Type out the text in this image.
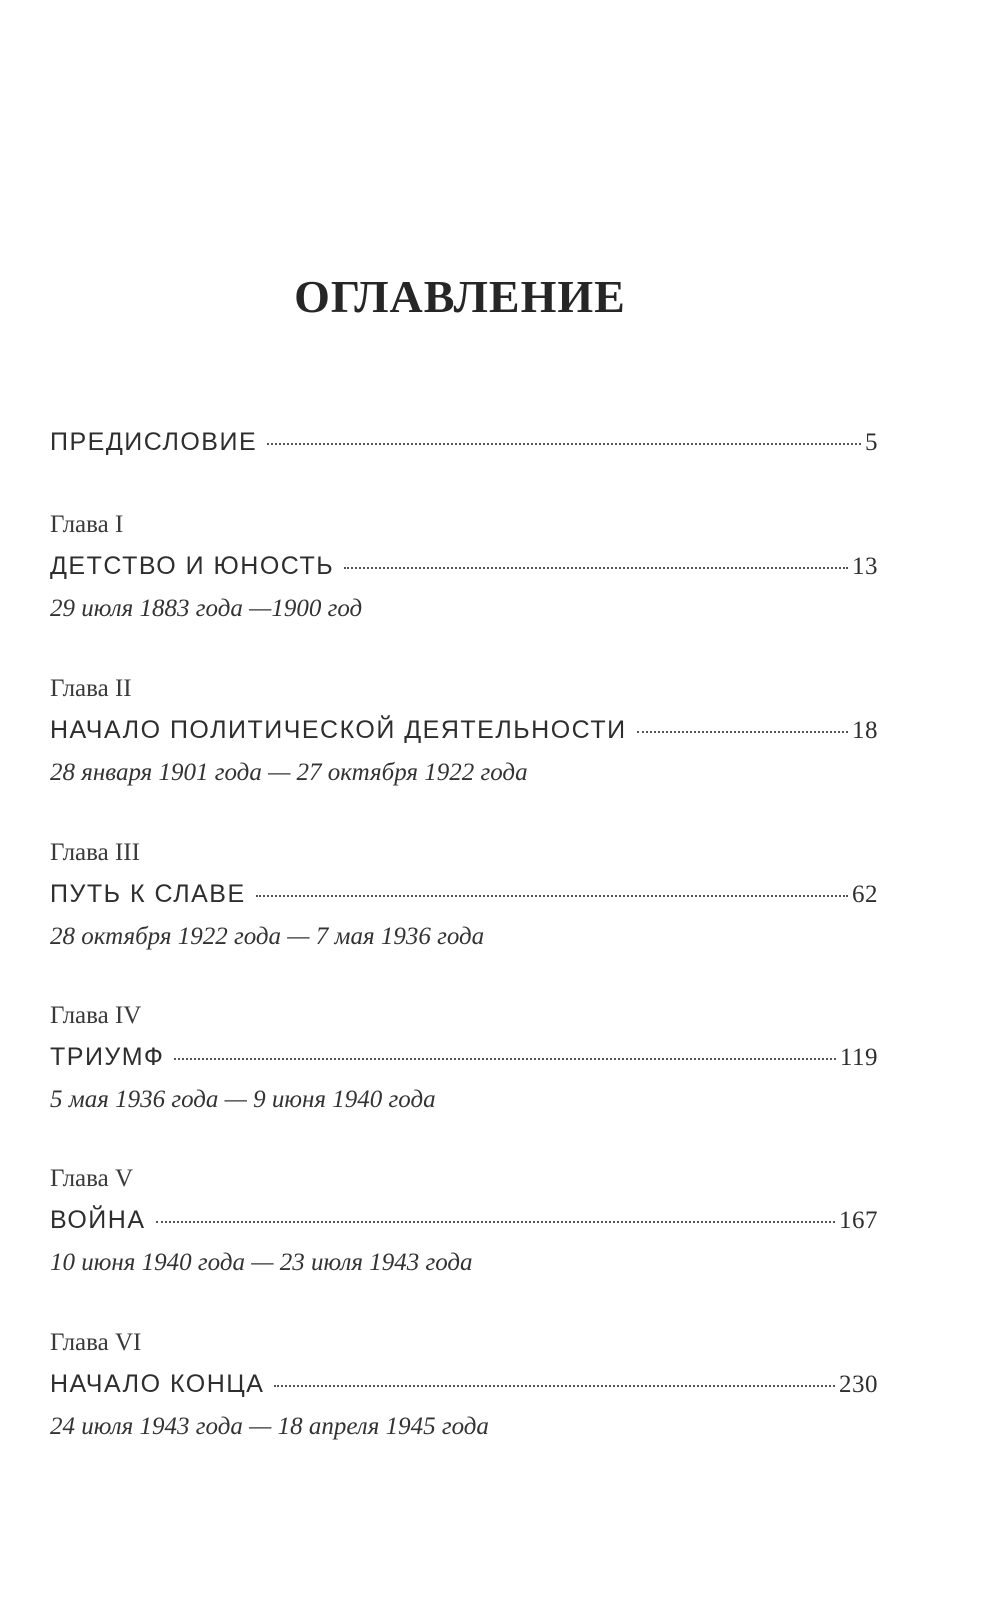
ОГЛАВЛЕНИЕ
ПРЕДИСЛОВИЕ	5
Глава I
ДЕТСТВО И ЮНОСТЬ	13
29 июля 1883 года —1900 год
Глава II
НАЧАЛО ПОЛИТИЧЕСКОЙ ДЕЯТЕЛЬНОСТИ	18
28 января 1901 года — 27 октября 1922 года
Глава III
ПУТЬ К СЛАВЕ	62
28 октября 1922 года — 7 мая 1936 года
Глава IV
ТРИУМФ	119
5 мая 1936 года — 9 июня 1940 года
Глава V
ВОЙНА	167
10 июня 1940 года — 23 июля 1943 года
Глава VI
НАЧАЛО КОНЦА	230
24 июля 1943 года — 18 апреля 1945 года
